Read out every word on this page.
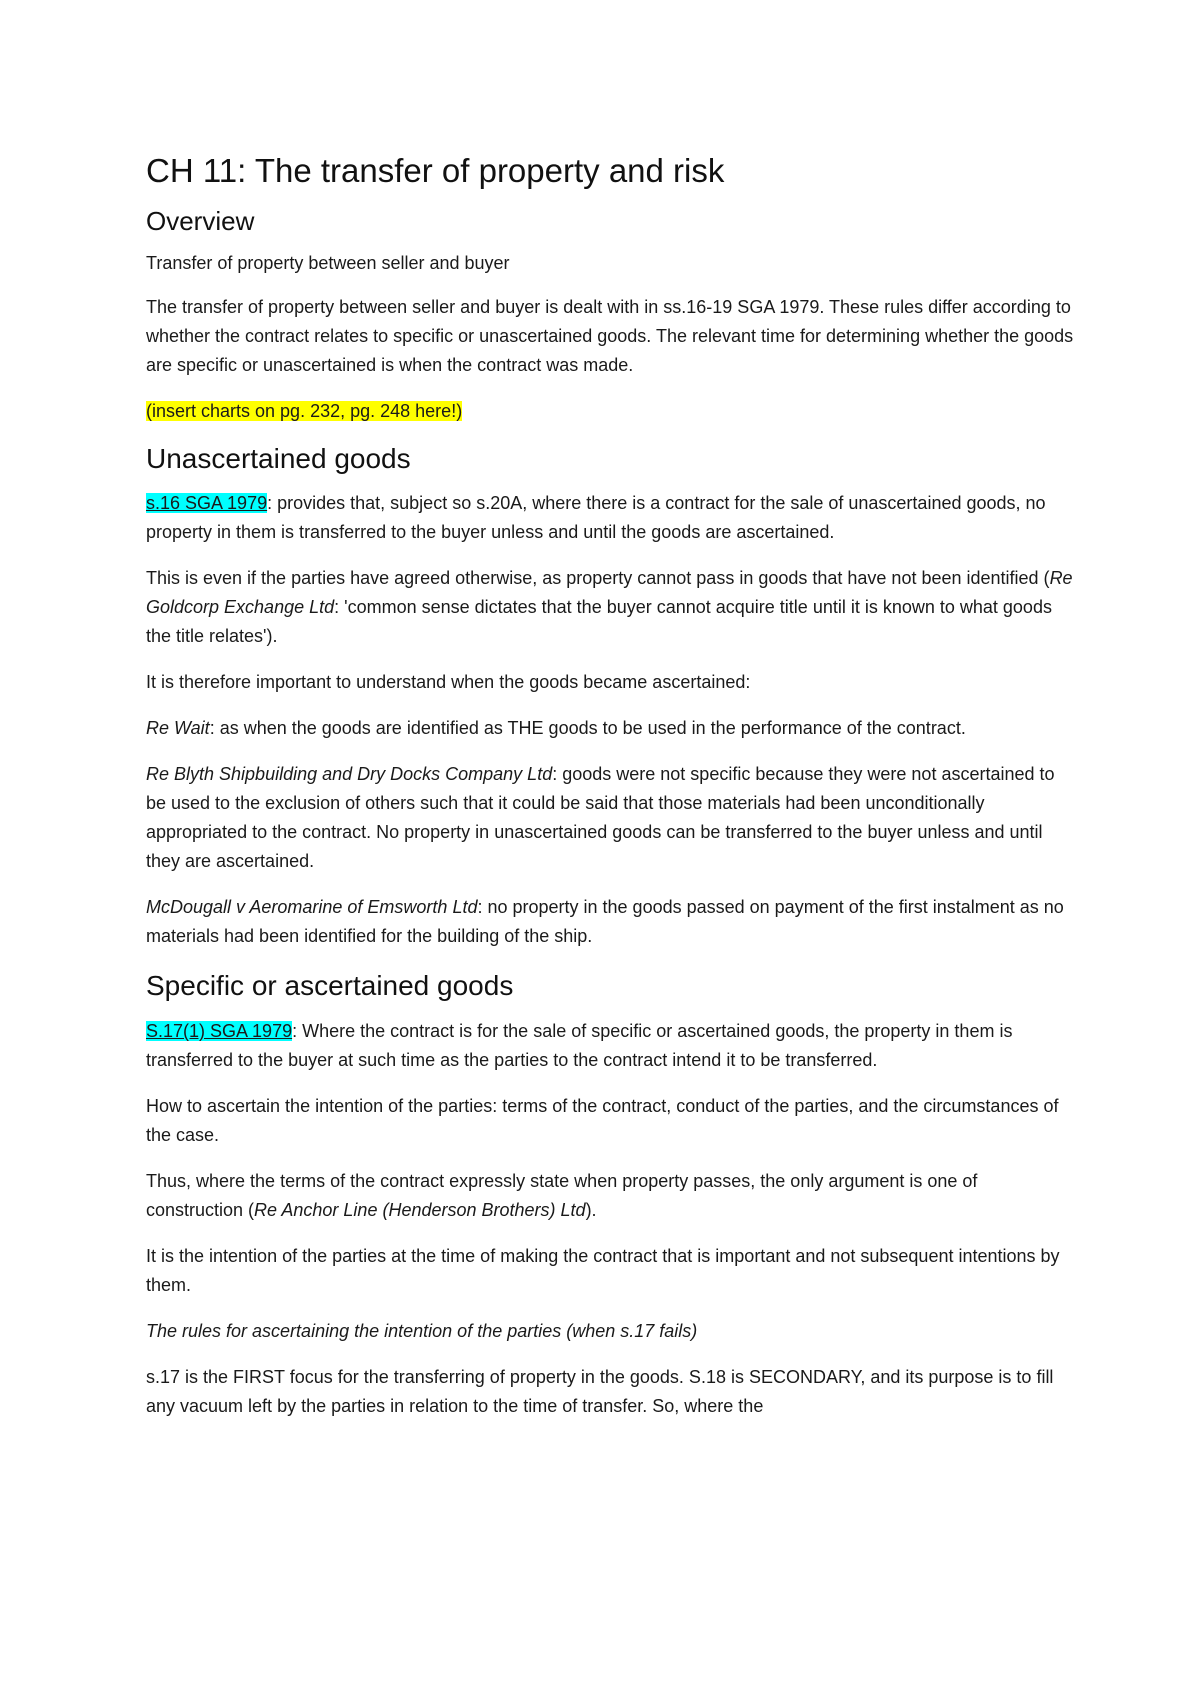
CH 11: The transfer of property and risk
Overview

Transfer of property between seller and buyer

The transfer of property between seller and buyer is dealt with in ss.16-19 SGA 1979. These rules differ according to whether the contract relates to specific or unascertained goods. The relevant time for determining whether the goods are specific or unascertained is when the contract was made.

(insert charts on pg. 232, pg. 248 here!)

Unascertained goods

s.16 SGA 1979: provides that, subject so s.20A, where there is a contract for the sale of unascertained goods, no property in them is transferred to the buyer unless and until the goods are ascertained.

This is even if the parties have agreed otherwise, as property cannot pass in goods that have not been identified (Re Goldcorp Exchange Ltd: 'common sense dictates that the buyer cannot acquire title until it is known to what goods the title relates').

It is therefore important to understand when the goods became ascertained:

Re Wait: as when the goods are identified as THE goods to be used in the performance of the contract.

Re Blyth Shipbuilding and Dry Docks Company Ltd: goods were not specific because they were not ascertained to be used to the exclusion of others such that it could be said that those materials had been unconditionally appropriated to the contract. No property in unascertained goods can be transferred to the buyer unless and until they are ascertained.

McDougall v Aeromarine of Emsworth Ltd: no property in the goods passed on payment of the first instalment as no materials had been identified for the building of the ship.

Specific or ascertained goods

S.17(1) SGA 1979: Where the contract is for the sale of specific or ascertained goods, the property in them is transferred to the buyer at such time as the parties to the contract intend it to be transferred.

How to ascertain the intention of the parties: terms of the contract, conduct of the parties, and the circumstances of the case.

Thus, where the terms of the contract expressly state when property passes, the only argument is one of construction (Re Anchor Line (Henderson Brothers) Ltd).

It is the intention of the parties at the time of making the contract that is important and not subsequent intentions by them.

The rules for ascertaining the intention of the parties (when s.17 fails)

s.17 is the FIRST focus for the transferring of property in the goods. S.18 is SECONDARY, and its purpose is to fill any vacuum left by the parties in relation to the time of transfer. So, where the
